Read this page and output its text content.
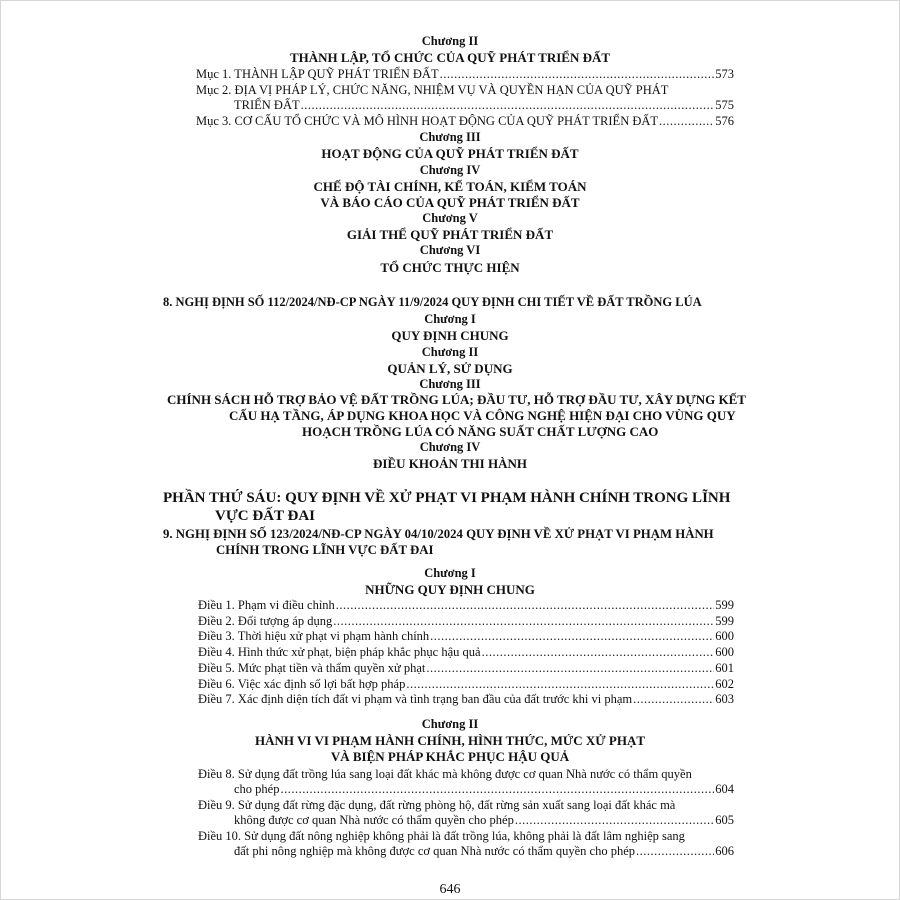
Chương II
THÀNH LẬP, TỔ CHỨC CỦA QUỸ PHÁT TRIỂN ĐẤT
Mục 1. THÀNH LẬP QUỸ PHÁT TRIỂN ĐẤT .....	573
Mục 2. ĐỊA VỊ PHÁP LÝ, CHỨC NĂNG, NHIỆM VỤ VÀ QUYỀN HẠN CỦA QUỸ PHÁT
TRIỂN ĐẤT .....	575
Mục 3. CƠ CẤU TỔ CHỨC VÀ MÔ HÌNH HOẠT ĐỘNG CỦA QUỸ PHÁT TRIỂN ĐẤT .....	576
Chương III
HOẠT ĐỘNG CỦA QUỸ PHÁT TRIỂN ĐẤT
Chương IV
CHẾ ĐỘ TÀI CHÍNH, KẾ TOÁN, KIỂM TOÁN
VÀ BÁO CÁO CỦA QUỸ PHÁT TRIỂN ĐẤT
Chương V
GIẢI THỂ QUỸ PHÁT TRIỂN ĐẤT
Chương VI
TỔ CHỨC THỰC HIỆN
8. NGHỊ ĐỊNH SỐ 112/2024/NĐ-CP NGÀY 11/9/2024 QUY ĐỊNH CHI TIẾT VỀ ĐẤT TRỒNG LÚA
Chương I
QUY ĐỊNH CHUNG
Chương II
QUẢN LÝ, SỬ DỤNG
Chương III
CHÍNH SÁCH HỖ TRỢ BẢO VỆ ĐẤT TRỒNG LÚA; ĐẦU TƯ, HỖ TRỢ ĐẦU TƯ, XÂY DỰNG KẾT
CẤU HẠ TẦNG, ÁP DỤNG KHOA HỌC VÀ CÔNG NGHỆ HIỆN ĐẠI CHO VÙNG QUY
HOẠCH TRỒNG LÚA CÓ NĂNG SUẤT CHẤT LƯỢNG CAO
Chương IV
ĐIỀU KHOẢN THI HÀNH
PHẦN THỨ SÁU: QUY ĐỊNH VỀ XỬ PHẠT VI PHẠM HÀNH CHÍNH TRONG LĨNH
VỰC ĐẤT ĐAI
9. NGHỊ ĐỊNH SỐ 123/2024/NĐ-CP NGÀY 04/10/2024 QUY ĐỊNH VỀ XỬ PHẠT VI PHẠM HÀNH
CHÍNH TRONG LĨNH VỰC ĐẤT ĐAI
Chương I
NHỮNG QUY ĐỊNH CHUNG
Điều 1. Phạm vi điều chỉnh .....	599
Điều 2. Đối tượng áp dụng .....	599
Điều 3. Thời hiệu xử phạt vi phạm hành chính .....	600
Điều 4. Hình thức xử phạt, biện pháp khắc phục hậu quả .....	600
Điều 5. Mức phạt tiền và thẩm quyền xử phạt .....	601
Điều 6. Việc xác định số lợi bất hợp pháp .....	602
Điều 7. Xác định diện tích đất vi phạm và tình trạng ban đầu của đất trước khi vi phạm .....	603
Chương II
HÀNH VI VI PHẠM HÀNH CHÍNH, HÌNH THỨC, MỨC XỬ PHẠT
VÀ BIỆN PHÁP KHẮC PHỤC HẬU QUẢ
Điều 8. Sử dụng đất trồng lúa sang loại đất khác mà không được cơ quan Nhà nước có thẩm quyền
cho phép .....	604
Điều 9. Sử dụng đất rừng đặc dụng, đất rừng phòng hộ, đất rừng sản xuất sang loại đất khác mà
không được cơ quan Nhà nước có thẩm quyền cho phép .....	605
Điều 10. Sử dụng đất nông nghiệp không phải là đất trồng lúa, không phải là đất lâm nghiệp sang
đất phi nông nghiệp mà không được cơ quan Nhà nước có thẩm quyền cho phép .....	606
646
